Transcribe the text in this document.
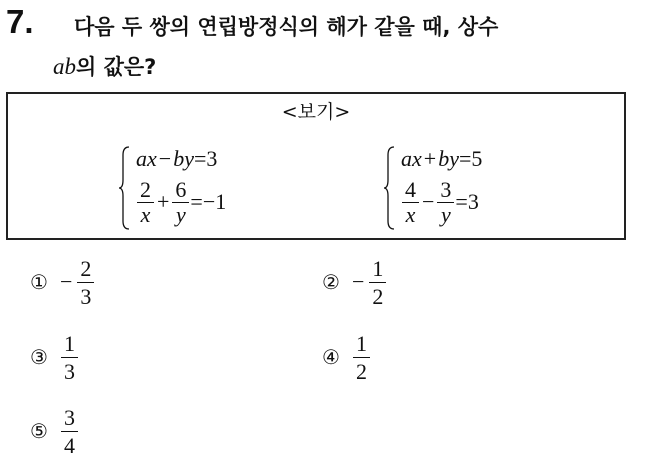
7. 다음 두 쌍의 연립방정식의 해가 같을 때, 상수
ab의 값은?
<보기>
ax−by=3
$\frac{2}{x} + \frac{6}{y} =-1$
ax+by=5
$\frac{4}{x} - \frac{3}{y} =3$
① − $\frac{2}{3}$	② − $\frac{1}{2}$
③ $\frac{1}{3}$	④ $\frac{1}{2}$
⑤ $\frac{3}{4}$
